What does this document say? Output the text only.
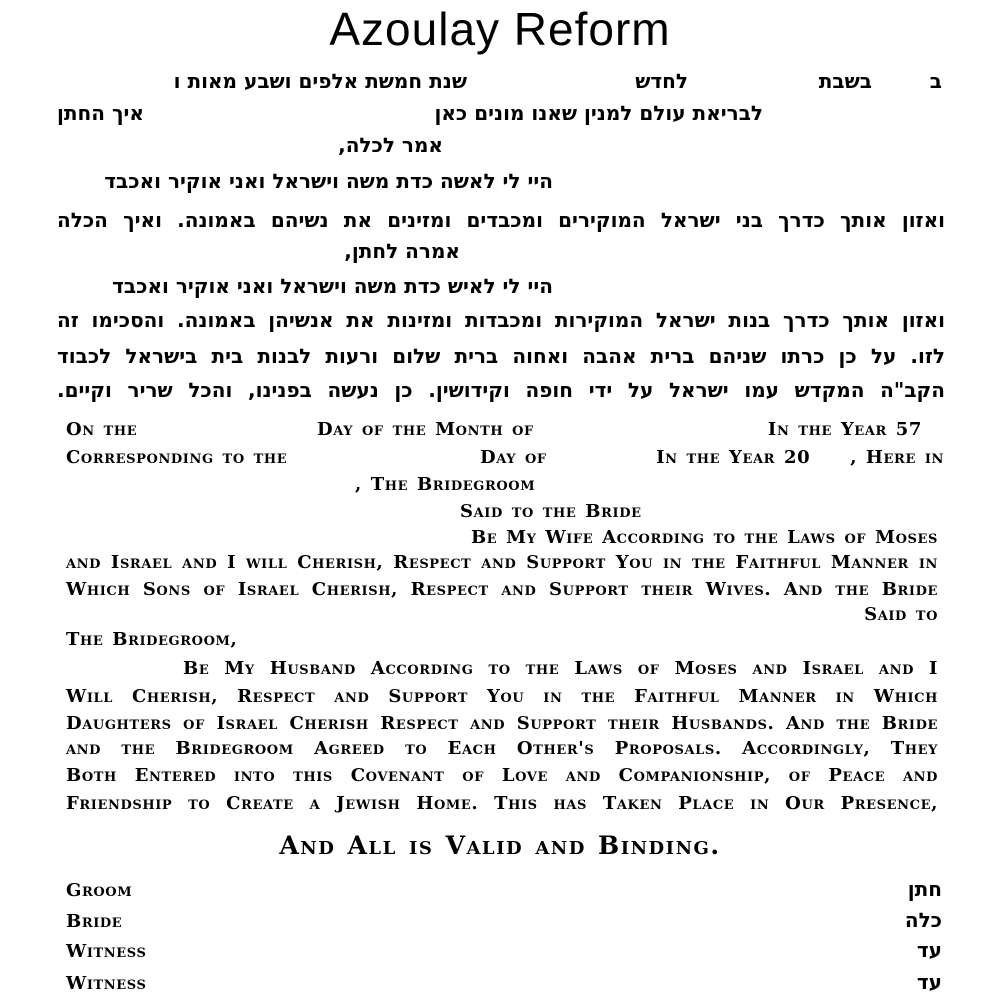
Azoulay Reform
ב
בשבת
לחדש
שנת חמשת אלפים ושבע מאות ו
לבריאת עולם למנין שאנו מונים כאן
איך החתן
אמר לכלה,
היי לי לאשה כדת משה וישראל ואני אוקיר ואכבד
ואזון אותך כדרך בני ישראל המוקירים ומכבדים ומזינים את נשיהם באמונה. ואיך הכלה
אמרה לחתן,
היי לי לאיש כדת משה וישראל ואני אוקיר ואכבד
ואזון אותך כדרך בנות ישראל המוקירות ומכבדות ומזינות את אנשיהן באמונה. והסכימו זה
לזו. על כן כרתו שניהם ברית אהבה ואחוה ברית שלום ורעות לבנות בית בישראל לכבוד
הקב"ה המקדש עמו ישראל על ידי חופה וקידושין. כן נעשה בפנינו, והכל שריר וקיים.
On the	Day of the Month of	In the Year 57
Corresponding to the	Day of	In the Year 20 , Here in
, The Bridegroom
Said to the Bride
Be My Wife According to the Laws of Moses
and Israel and I will Cherish, Respect and Support You in the Faithful Manner in
Which Sons of Israel Cherish, Respect and Support their Wives. And the Bride
Said to
The Bridegroom,
Be My Husband According to the Laws of Moses and Israel and I
Will Cherish, Respect and Support You in the Faithful Manner in Which
Daughters of Israel Cherish Respect and Support their Husbands. And the Bride
and the Bridegroom Agreed to Each Other's Proposals. Accordingly, They
Both Entered into this Covenant of Love and Companionship, of Peace and
Friendship to Create a Jewish Home. This has Taken Place in Our Presence,
And All is Valid and Binding.
Groom	חתן
Bride	כלה
Witness	עד
Witness	עד
